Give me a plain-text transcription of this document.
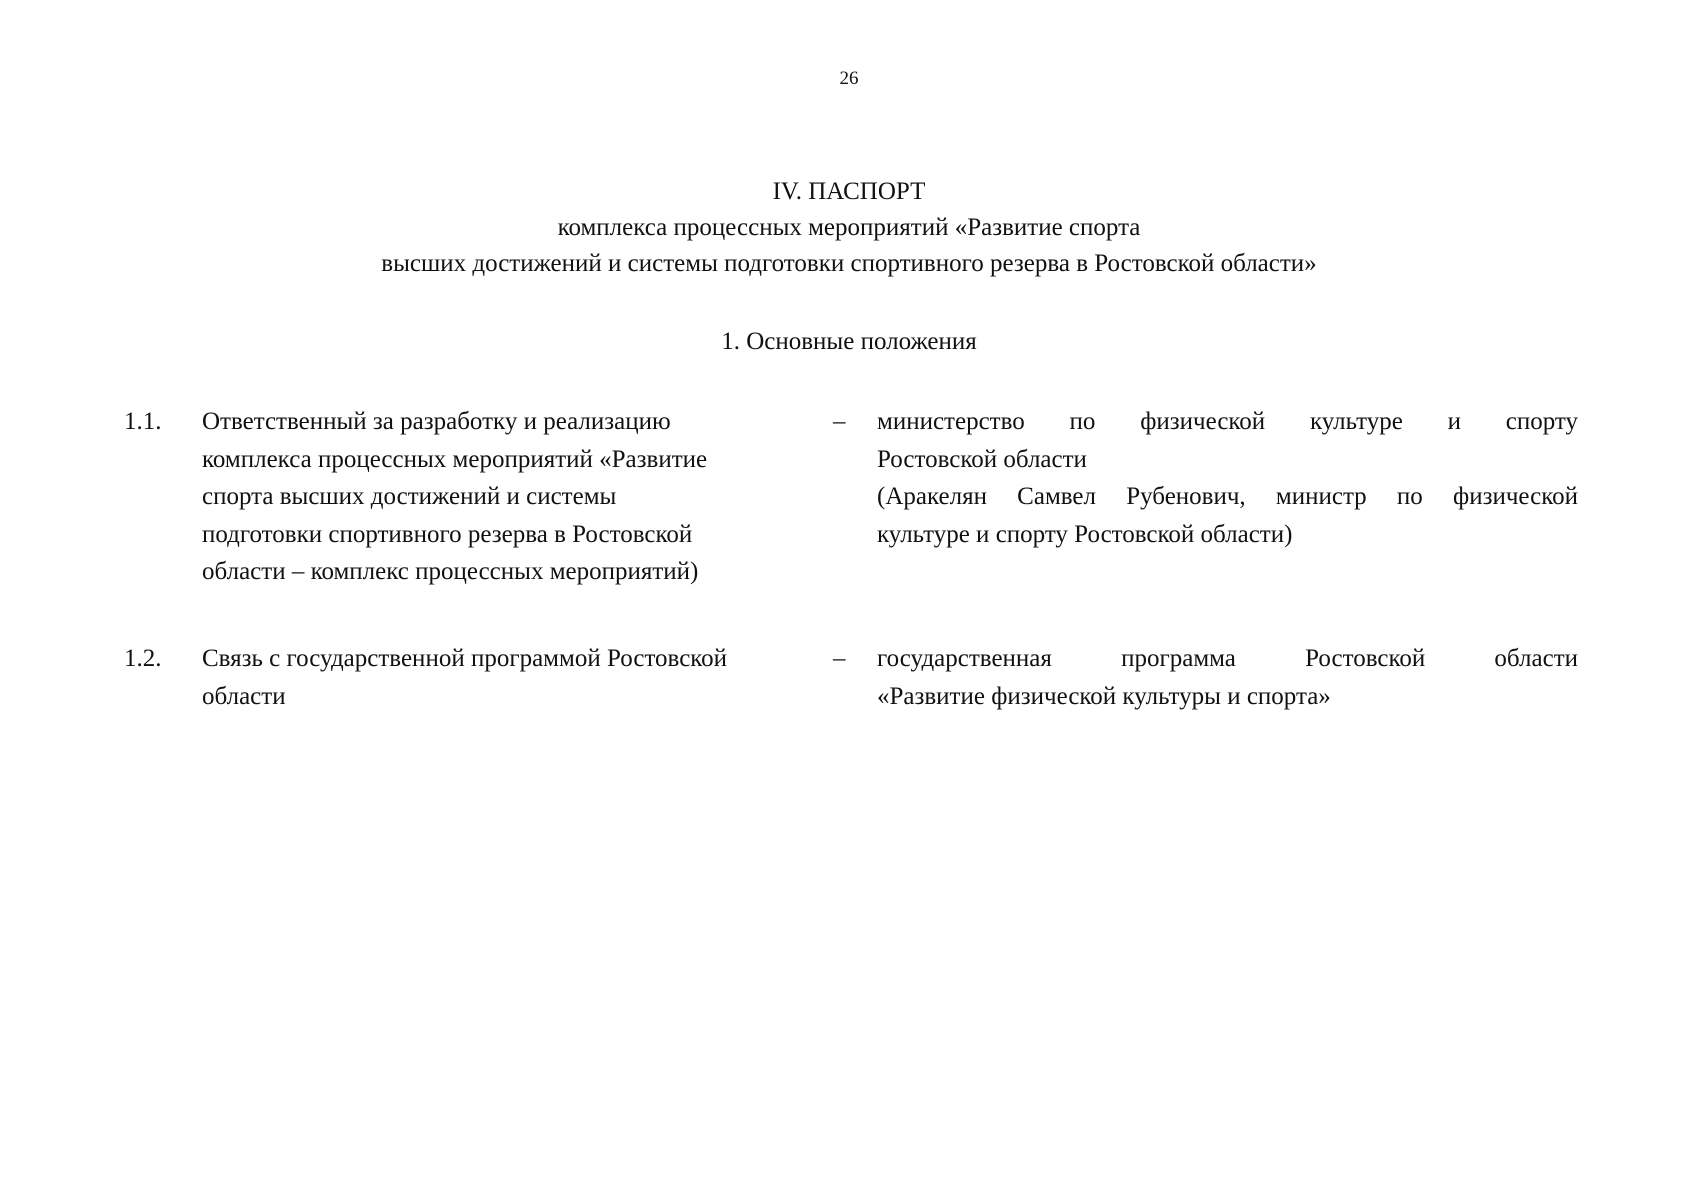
26
IV. ПАСПОРТ
комплекса процессных мероприятий «Развитие спорта
высших достижений и системы подготовки спортивного резерва в Ростовской области»
1. Основные положения
1.1.	Ответственный за разработку и реализацию
комплекса процессных мероприятий «Развитие
спорта высших достижений и системы
подготовки спортивного резерва в Ростовской
области – комплекс процессных мероприятий)
–	министерство по физической культуре и спорту
Ростовской области
(Аракелян Самвел Рубенович, министр по физической
культуре и спорту Ростовской области)
1.2.	Связь с государственной программой Ростовской
области
–	государственная программа Ростовской области
«Развитие физической культуры и спорта»
